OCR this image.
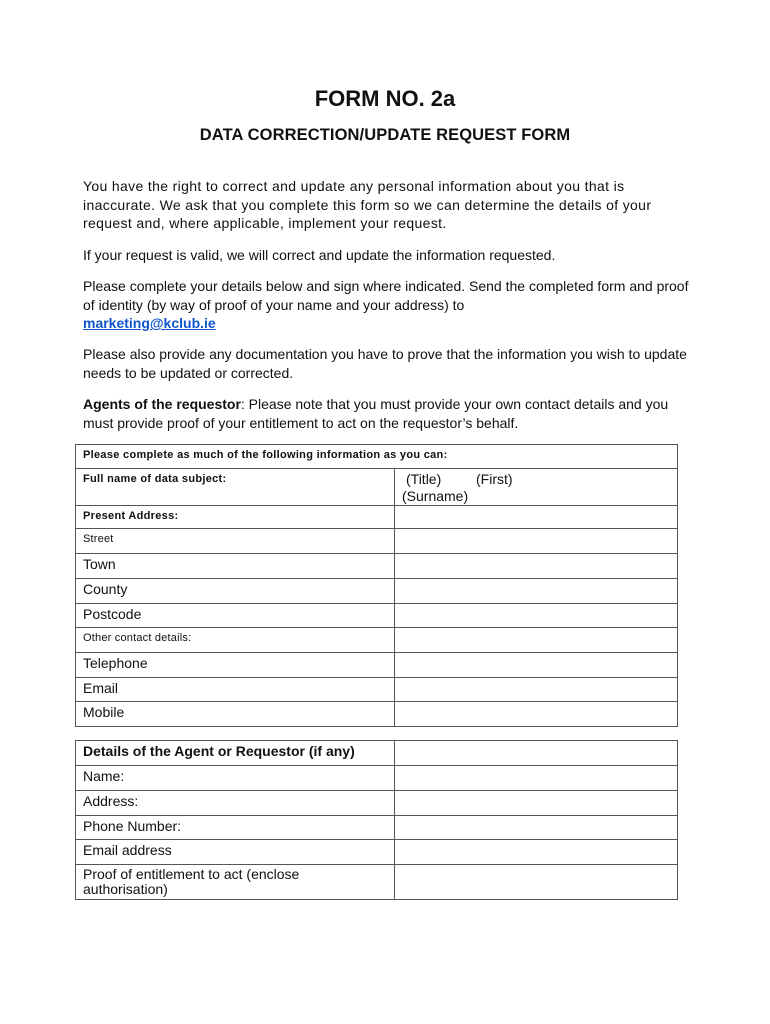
FORM NO. 2a
DATA CORRECTION/UPDATE REQUEST FORM

You have the right to correct and update any personal information about you that is inaccurate. We ask that you complete this form so we can determine the details of your request and, where applicable, implement your request.

If your request is valid, we will correct and update the information requested.

Please complete your details below and sign where indicated. Send the completed form and proof of identity (by way of proof of your name and your address) to
marketing@kclub.ie

Please also provide any documentation you have to prove that the information you wish to update needs to be updated or corrected.

Agents of the requestor: Please note that you must provide your own contact details and you must provide proof of your entitlement to act on the requestor’s behalf.

Please complete as much of the following information as you can:	
Full name of data subject:	(Title) (First)
(Surname)
Present Address:	
Street	
Town	
County	
Postcode	
Other contact details:	
Telephone	
Email	
Mobile	
Details of the Agent or Requestor (if any)	
Name:	
Address:	
Phone Number:	
Email address	
Proof of entitlement to act (enclose authorisation)	
